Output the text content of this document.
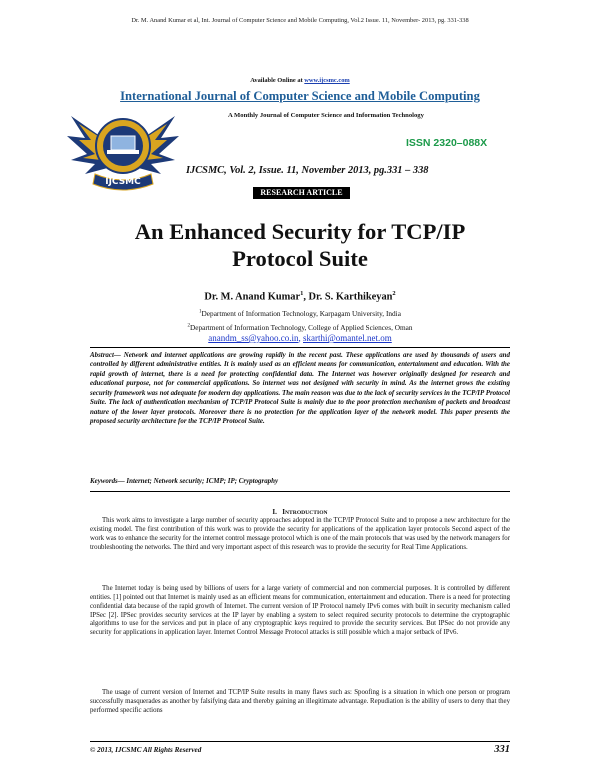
Dr. M. Anand Kumar et al, Int. Journal of Computer Science and Mobile Computing, Vol.2 Issue. 11, November- 2013, pg. 331-338
Available Online at www.ijcsmc.com
International Journal of Computer Science and Mobile Computing
A Monthly Journal of Computer Science and Information Technology
IJCSMC
ISSN 2320–088X
IJCSMC, Vol. 2, Issue. 11, November 2013, pg.331 – 338
RESEARCH ARTICLE
An Enhanced Security for TCP/IP
Protocol Suite
Dr. M. Anand Kumar$^1$, Dr. S. Karthikeyan$^2$
$^1$Department of Information Technology, Karpagam University, India
$^2$Department of Information Technology, College of Applied Sciences, Oman
anandm_ss@yahoo.co.in, skarthi@omantel.net.om

Abstract— Network and internet applications are growing rapidly in the recent past. These applications are used by thousands of users and controlled by different administrative entities. It is mainly used as an efficient means for communication, entertainment and education. With the rapid growth of internet, there is a need for protecting confidential data. The Internet was however originally designed for research and educational purpose, not for commercial applications. So internet was not designed with security in mind. As the internet grows the existing security framework was not adequate for modern day applications. The main reason was due to the lack of security services in the TCP/IP Protocol Suite. The lack of authentication mechanism of TCP/IP Protocol Suite is mainly due to the poor protection mechanism of packets and broadcast nature of the lower layer protocols. Moreover there is no protection for the application layer of the network model. This paper presents the proposed security architecture for the TCP/IP Protocol Suite.

Keywords— Internet; Network security; ICMP; IP; Cryptography
I. INTRODUCTION

This work aims to investigate a large number of security approaches adopted in the TCP/IP Protocol Suite and to propose a new architecture for the existing model. The first contribution of this work was to provide the security for applications of the application layer protocols Second aspect of the work was to enhance the security for the internet control message protocol which is one of the main protocols that was used by the network managers for troubleshooting the networks. The third and very important aspect of this research was to provide the security for Real Time Applications.

The Internet today is being used by billions of users for a large variety of commercial and non commercial purposes. It is controlled by different entities. [1] pointed out that Internet is mainly used as an efficient means for communication, entertainment and education. There is a need for protecting confidential data because of the rapid growth of Internet. The current version of IP Protocol namely IPv6 comes with built in security mechanism called IPSec [2]. IPSec provides security services at the IP layer by enabling a system to select required security protocols to determine the cryptographic algorithms to use for the services and put in place of any cryptographic keys required to provide the security services. But IPSec do not provide any security for applications in application layer. Internet Control Message Protocol attacks is still possible which a major setback of IPv6.

The usage of current version of Internet and TCP/IP Suite results in many flaws such as: Spoofing is a situation in which one person or program successfully masquerades as another by falsifying data and thereby gaining an illegitimate advantage. Repudiation is the ability of users to deny that they performed specific actions

© 2013, IJCSMC All Rights Reserved	331
